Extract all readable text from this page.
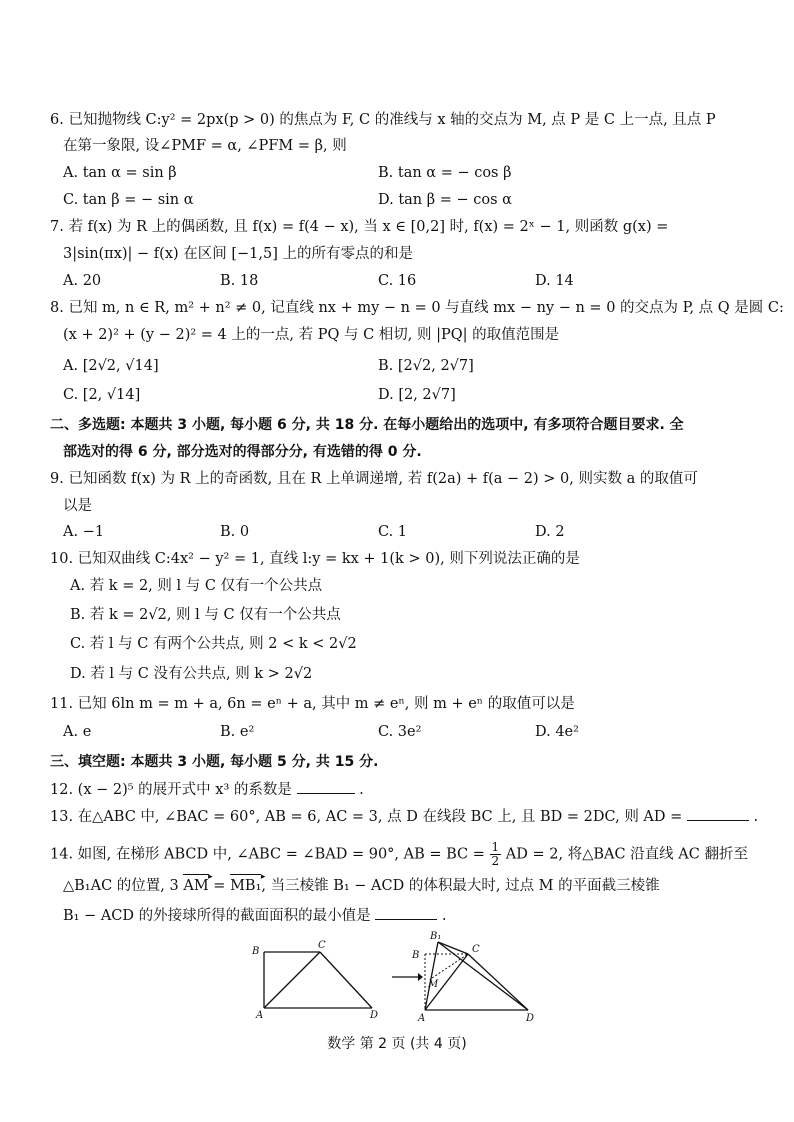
6. 已知抛物线 C:y² = 2px(p > 0) 的焦点为 F, C 的准线与 x 轴的交点为 M, 点 P 是 C 上一点, 且点 P
在第一象限, 设∠PMF = α, ∠PFM = β, 则
A. tan α = sin β	B. tan α = − cos β
C. tan β = − sin α	D. tan β = − cos α
7. 若 f(x) 为 R 上的偶函数, 且 f(x) = f(4 − x), 当 x ∈ [0,2] 时, f(x) = 2ˣ − 1, 则函数 g(x) =
3|sin(πx)| − f(x) 在区间 [−1,5] 上的所有零点的和是
A. 20	B. 18	C. 16	D. 14
8. 已知 m, n ∈ R, m² + n² ≠ 0, 记直线 nx + my − n = 0 与直线 mx − ny − n = 0 的交点为 P, 点 Q 是圆 C:
(x + 2)² + (y − 2)² = 4 上的一点, 若 PQ 与 C 相切, 则 |PQ| 的取值范围是
A. [2√2, √14]	B. [2√2, 2√7]
C. [2, √14]	D. [2, 2√7]
二、多选题: 本题共 3 小题, 每小题 6 分, 共 18 分. 在每小题给出的选项中, 有多项符合题目要求. 全
部选对的得 6 分, 部分选对的得部分分, 有选错的得 0 分.
9. 已知函数 f(x) 为 R 上的奇函数, 且在 R 上单调递增, 若 f(2a) + f(a − 2) > 0, 则实数 a 的取值可
以是
A. −1	B. 0	C. 1	D. 2
10. 已知双曲线 C:4x² − y² = 1, 直线 l:y = kx + 1(k > 0), 则下列说法正确的是
A. 若 k = 2, 则 l 与 C 仅有一个公共点
B. 若 k = 2√2, 则 l 与 C 仅有一个公共点
C. 若 l 与 C 有两个公共点, 则 2 < k < 2√2
D. 若 l 与 C 没有公共点, 则 k > 2√2
11. 已知 6ln m = m + a, 6n = eⁿ + a, 其中 m ≠ eⁿ, 则 m + eⁿ 的取值可以是
A. e	B. e²	C. 3e²	D. 4e²
三、填空题: 本题共 3 小题, 每小题 5 分, 共 15 分.
12. (x − 2)⁵ 的展开式中 x³ 的系数是	.
13. 在△ABC 中, ∠BAC = 60°, AB = 6, AC = 3, 点 D 在线段 BC 上, 且 BD = 2DC, 则 AD =	.
14. 如图, 在梯形 ABCD 中, ∠ABC = ∠BAD = 90°, AB = BC = $\frac{1}{2}$ AD = 2, 将△BAC 沿直线 AC 翻折至
△B₁AC 的位置, 3 AM ▸ = MB₁ ▸, 当三棱锥 B₁ − ACD 的体积最大时, 过点 M 的平面截三棱锥
B₁ − ACD 的外接球所得的截面面积的最小值是	.
B
C
A	D
B₁
B
C
M
A	D
数学 第 2 页 (共 4 页)
